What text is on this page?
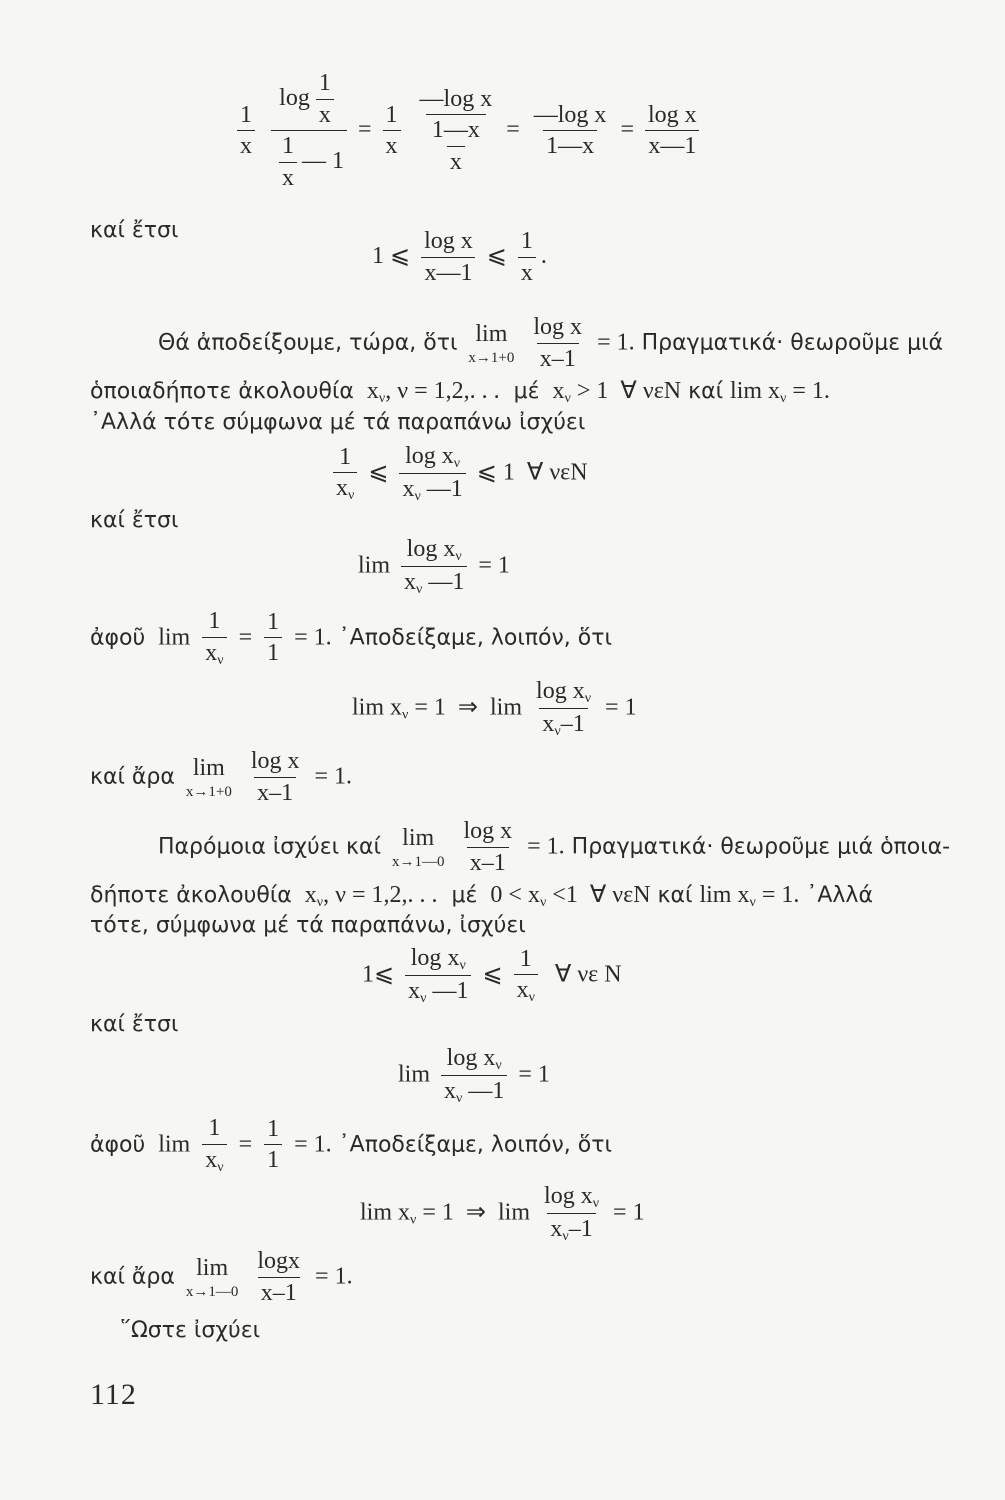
$\frac{1}{x}$
$\frac{\log \frac{1}{x}}{\frac{1}{x} — 1} = \frac{1}{x}$
$\frac{\text{—log x}}{\frac{1—x}{x}} = \frac{\text{—log x}}{1—x} = \frac{\text{log x}}{x—1}$
καί ἔτσι
1 ⩽ $\frac{\text{log x}}{x—1}$ ⩽ $\frac{1}{x}$ .
Θά ἀποδείξουμε, τώρα, ὅτι lim
x→1+0
$\frac{\text{log x}}{x-1} = 1$. Πραγματικά· θεωροῦμε μιά
ὁποιαδήποτε ἀκολουθία $x_\nu$, ν = 1,2,. . . μέ $x_\nu > 1$ ∀ νεN καί $\lim x_\nu = 1$.
᾿Αλλά τότε σύμφωνα μέ τά παραπάνω ἰσχύει
$\frac{1}{x_\nu}$ ⩽ $\frac{\log x_\nu}{x_\nu —1}$ ⩽ 1 ∀ νεN
καί ἔτσι
$\lim \frac{\log x_\nu}{x_\nu —1} = 1$
ἀφοῦ $\lim \frac{1}{x_\nu} = \frac{1}{1} = 1$. ᾿Αποδείξαμε, λοιπόν, ὅτι
$\lim x_\nu = 1$ ⇒ $\lim \frac{\log x_\nu}{x_\nu-1} = 1$
καί ἄρα lim
x→1+0
$\frac{\text{log x}}{x-1} = 1$.
Παρόμοια ἰσχύει καί lim
x→1—0
$\frac{\text{log x}}{x-1} = 1$. Πραγματικά· θεωροῦμε μιά ὁποια-
δήποτε ἀκολουθία $x_\nu$, ν = 1,2,. . . μέ $0 < x_\nu <1$ ∀ νεN καί $\lim x_\nu = 1$. ᾿Αλλά
τότε, σύμφωνα μέ τά παραπάνω, ἰσχύει
1⩽ $\frac{\log x_\nu}{x_\nu —1}$ ⩽ $\frac{1}{x_\nu}$ ∀ νε N
καί ἔτσι
$\lim \frac{\log x_\nu}{x_\nu —1} = 1$
ἀφοῦ $\lim \frac{1}{x_\nu} = \frac{1}{1} = 1$. ᾿Αποδείξαμε, λοιπόν, ὅτι
$\lim x_\nu = 1$ ⇒ $\lim \frac{\log x_\nu}{x_\nu-1} = 1$
καί ἄρα lim
x→1—0
$\frac{\log x}{x-1} = 1$.
῞Ωστε ἰσχύει
112
